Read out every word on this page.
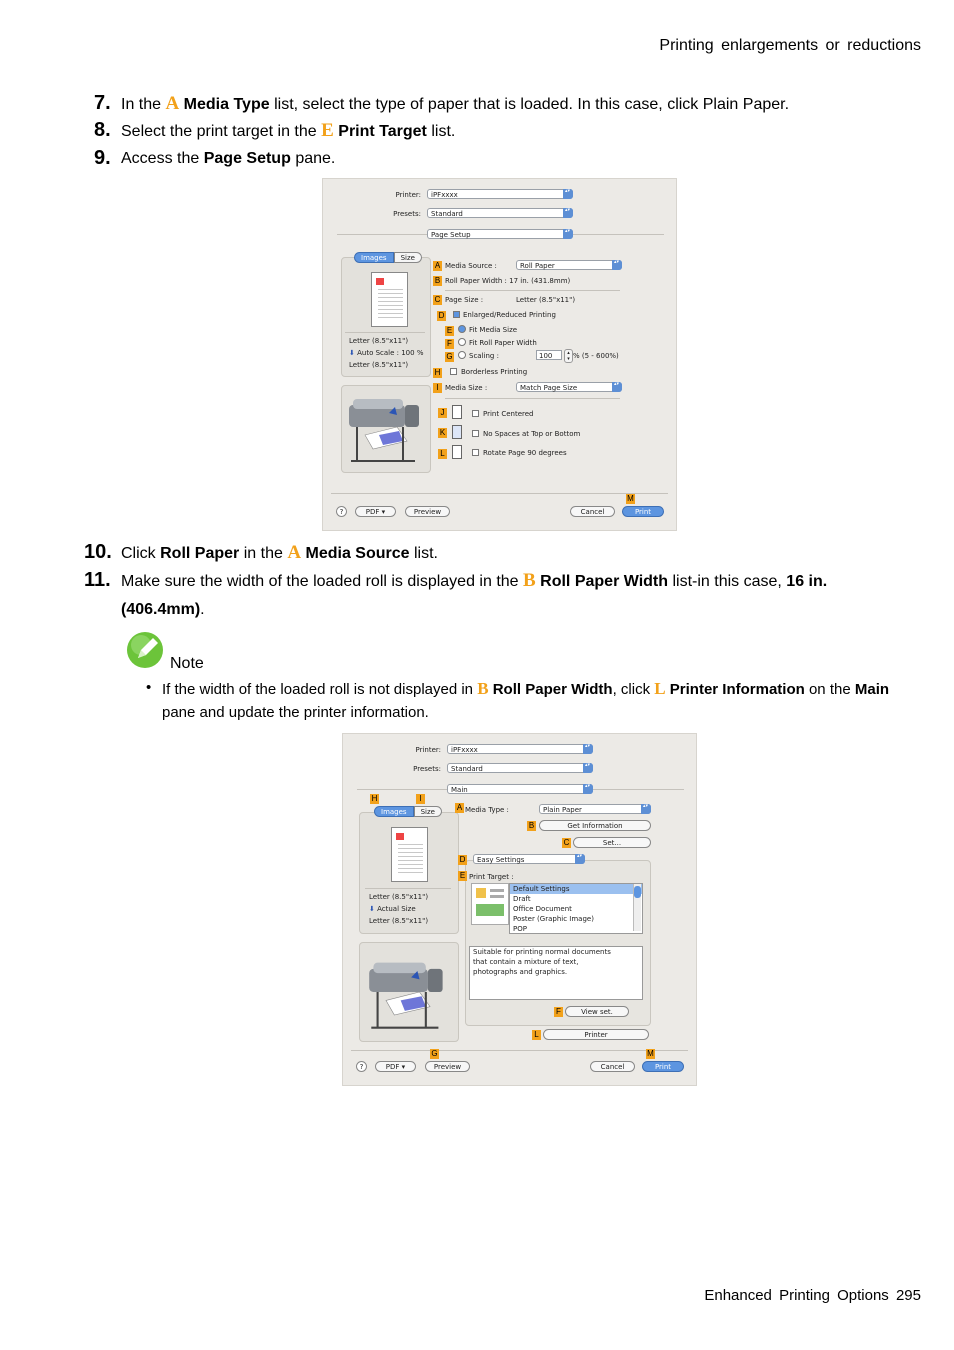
Printing enlargements or reductions
7. In the A Media Type list, select the type of paper that is loaded. In this case, click Plain Paper.
8. Select the print target in the E Print Target list.
9. Access the Page Setup pane.
Printer:	iPFxxxx
▴▾
Presets:	Standard
▴▾
Page Setup
▴▾
Images Size
Letter (8.5"x11")
⬇ Auto Scale : 100 %
Letter (8.5"x11")
Media Source :	Roll Paper
▴▾
Roll Paper Width : 17 in. (431.8mm)
Page Size :	Letter (8.5"x11")
Enlarged/Reduced Printing
Fit Media Size
Fit Roll Paper Width
Scaling :	100	▴
▾ % (5 - 600%)
Borderless Printing
Media Size :	Match Page Size
▴▾
Print Centered
No Spaces at Top or Bottom
Rotate Page 90 degrees
?	PDF ▾	Preview	Cancel	Print
A
B
C
D
E
F
G
H
I
J
K
L
M
10. Click Roll Paper in the A Media Source list.
11. Make sure the width of the loaded roll is displayed in the B Roll Paper Width list-in this case, 16 in. (406.4mm).
Note
• If the width of the loaded roll is not displayed in B Roll Paper Width, click L Printer Information on the Main pane and update the printer information.
Printer:	iPFxxxx
▴▾
Presets:	Standard
▴▾
Main
▴▾
Images Size
Letter (8.5"x11")
⬇ Actual Size
Letter (8.5"x11")
Media Type :	Plain Paper
▴▾
Get Information
Set...
Easy Settings
▴▾
Print Target :
Default Settings
Draft
Office Document
Poster (Graphic Image)
POP
Suitable for printing normal documents
that contain a mixture of text,
photographs and graphics.
View set.
Printer
?	PDF ▾	Preview	Cancel	Print
H	I
A
B
C
D
E
F
L
G	M
Enhanced Printing Options 295
